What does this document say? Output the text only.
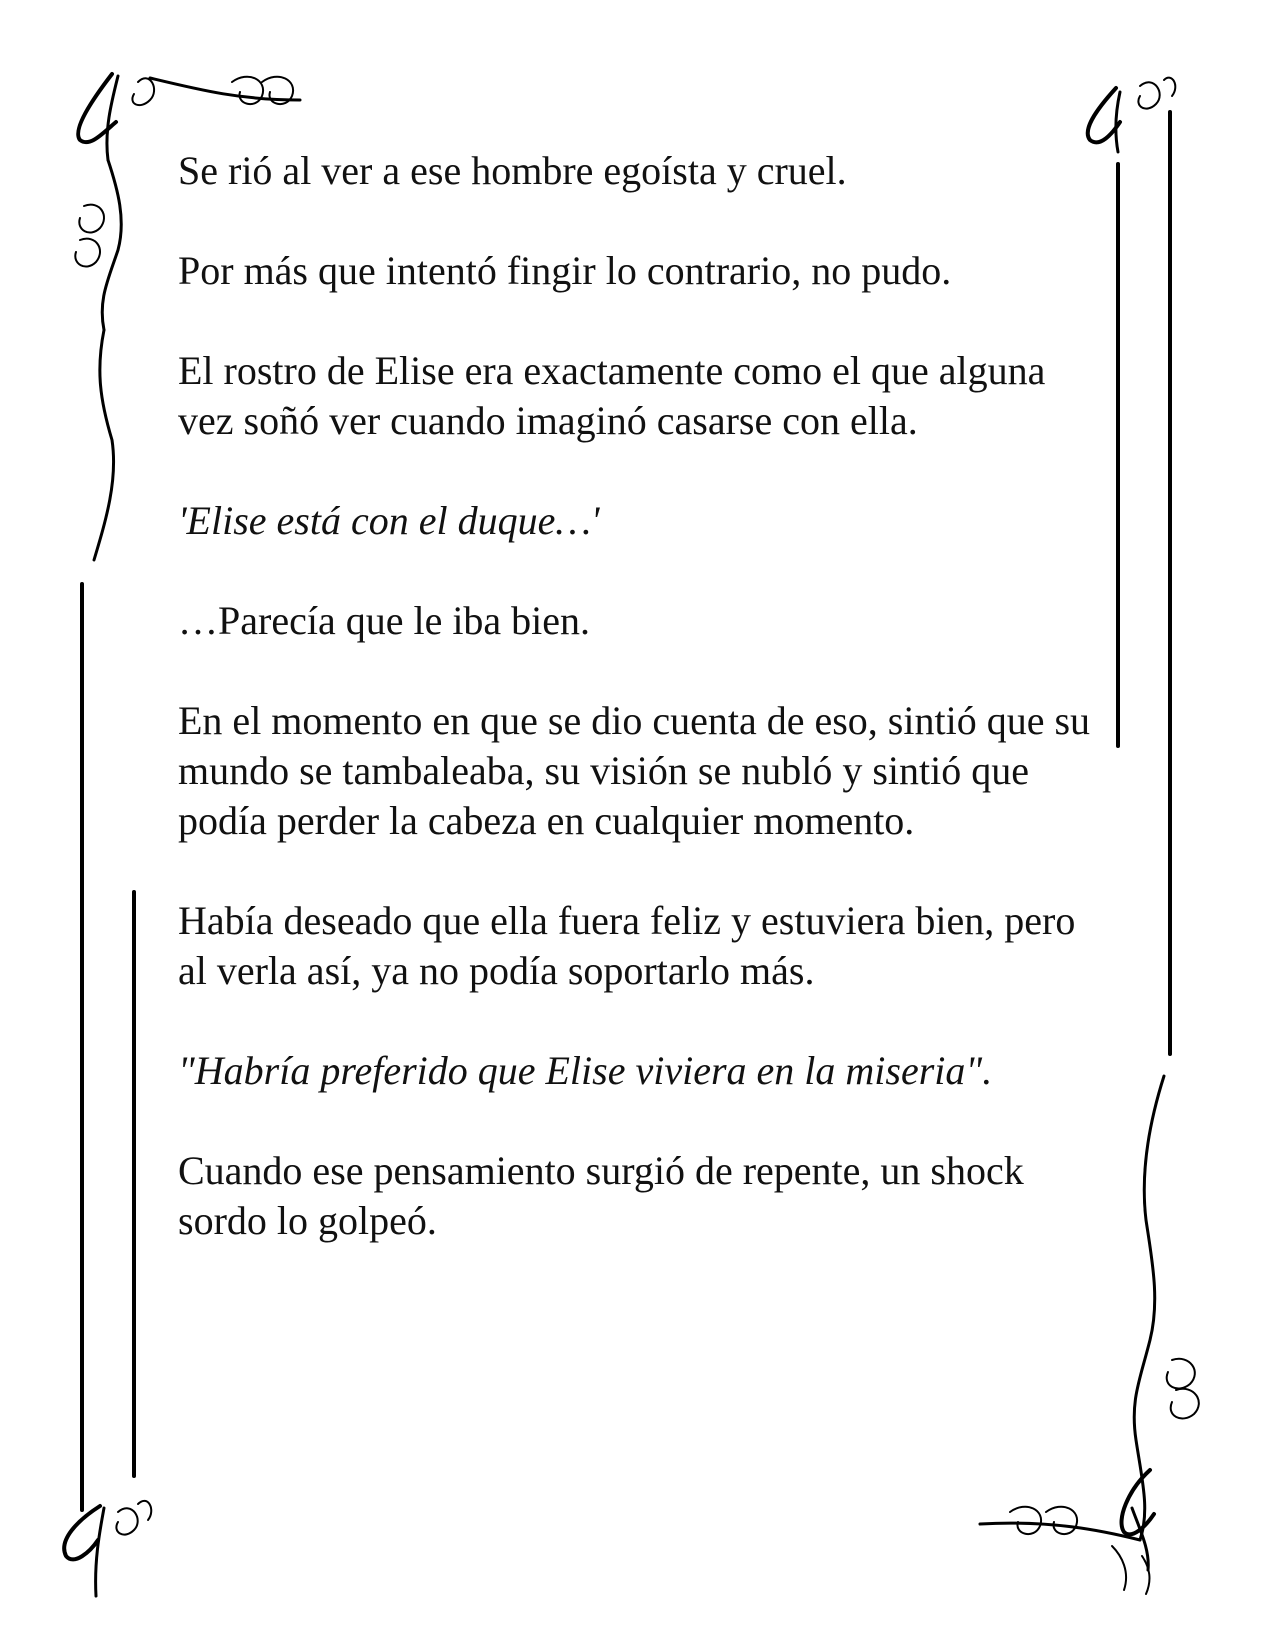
Se rió al ver a ese hombre egoísta y cruel.

Por más que intentó fingir lo contrario, no pudo.

El rostro de Elise era exactamente como el que alguna vez soñó ver cuando imaginó casarse con ella.

'Elise está con el duque…'

…Parecía que le iba bien.

En el momento en que se dio cuenta de eso, sintió que su mundo se tambaleaba, su visión se nubló y sintió que podía perder la cabeza en cualquier momento.

Había deseado que ella fuera feliz y estuviera bien, pero al verla así, ya no podía soportarlo más.

"Habría preferido que Elise viviera en la miseria".

Cuando ese pensamiento surgió de repente, un shock sordo lo golpeó.
